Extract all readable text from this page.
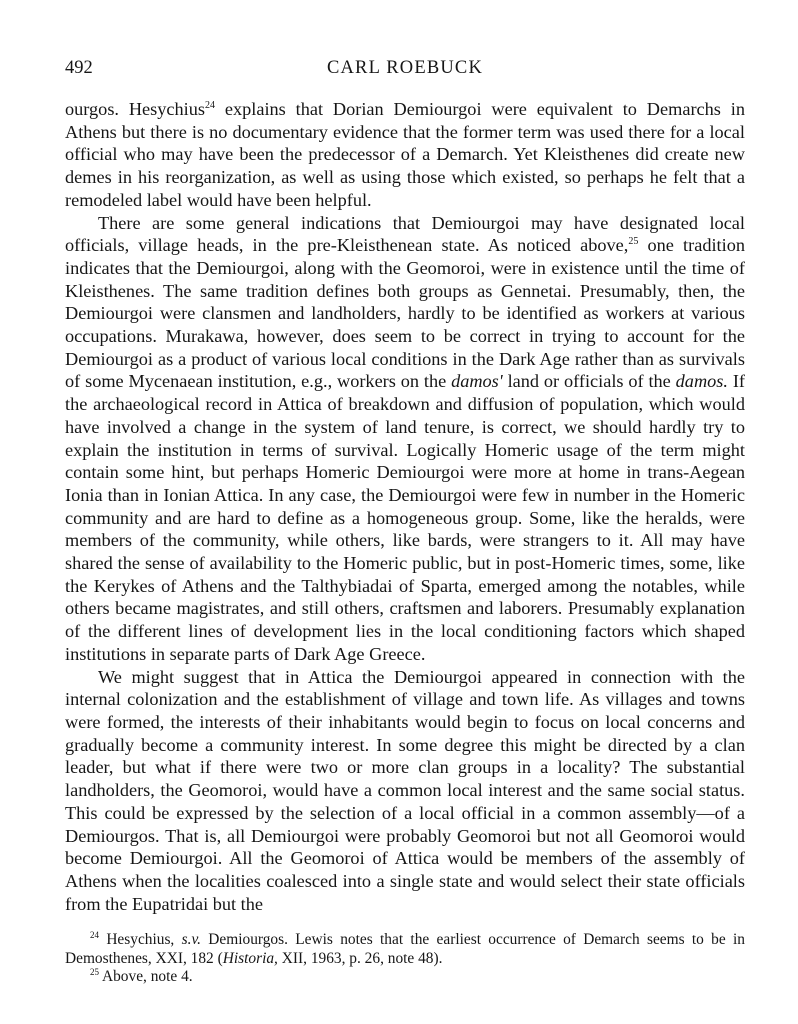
492	CARL ROEBUCK

ourgos. Hesychius$^{24}$ explains that Dorian Demiourgoi were equivalent to Demarchs in Athens but there is no documentary evidence that the former term was used there for a local official who may have been the predecessor of a Demarch. Yet Kleisthenes did create new demes in his reorganization, as well as using those which existed, so perhaps he felt that a remodeled label would have been helpful.

There are some general indications that Demiourgoi may have designated local officials, village heads, in the pre-Kleisthenean state. As noticed above,$^{25}$ one tradition indicates that the Demiourgoi, along with the Geomoroi, were in existence until the time of Kleisthenes. The same tradition defines both groups as Gennetai. Presumably, then, the Demiourgoi were clansmen and landholders, hardly to be identified as workers at various occupations. Murakawa, however, does seem to be correct in trying to account for the Demiourgoi as a product of various local conditions in the Dark Age rather than as survivals of some Mycenaean institution, e.g., workers on the damos' land or officials of the damos. If the archaeological record in Attica of breakdown and diffusion of population, which would have involved a change in the system of land tenure, is correct, we should hardly try to explain the institution in terms of survival. Logically Homeric usage of the term might contain some hint, but perhaps Homeric Demiourgoi were more at home in trans-Aegean Ionia than in Ionian Attica. In any case, the Demiourgoi were few in number in the Homeric community and are hard to define as a homogeneous group. Some, like the heralds, were members of the community, while others, like bards, were strangers to it. All may have shared the sense of availability to the Homeric public, but in post-Homeric times, some, like the Kerykes of Athens and the Talthybiadai of Sparta, emerged among the notables, while others became magistrates, and still others, craftsmen and laborers. Presumably explanation of the different lines of development lies in the local conditioning factors which shaped institutions in separate parts of Dark Age Greece.

We might suggest that in Attica the Demiourgoi appeared in connection with the internal colonization and the establishment of village and town life. As villages and towns were formed, the interests of their inhabitants would begin to focus on local concerns and gradually become a community interest. In some degree this might be directed by a clan leader, but what if there were two or more clan groups in a locality? The substantial landholders, the Geomoroi, would have a common local interest and the same social status. This could be expressed by the selection of a local official in a common assembly—of a Demiourgos. That is, all Demiourgoi were probably Geomoroi but not all Geomoroi would become Demiourgoi. All the Geomoroi of Attica would be members of the assembly of Athens when the localities coalesced into a single state and would select their state officials from the Eupatridai but the

$^{24}$ Hesychius, s.v. Demiourgos. Lewis notes that the earliest occurrence of Demarch seems to be in Demosthenes, XXI, 182 (Historia, XII, 1963, p. 26, note 48).

$^{25}$ Above, note 4.
